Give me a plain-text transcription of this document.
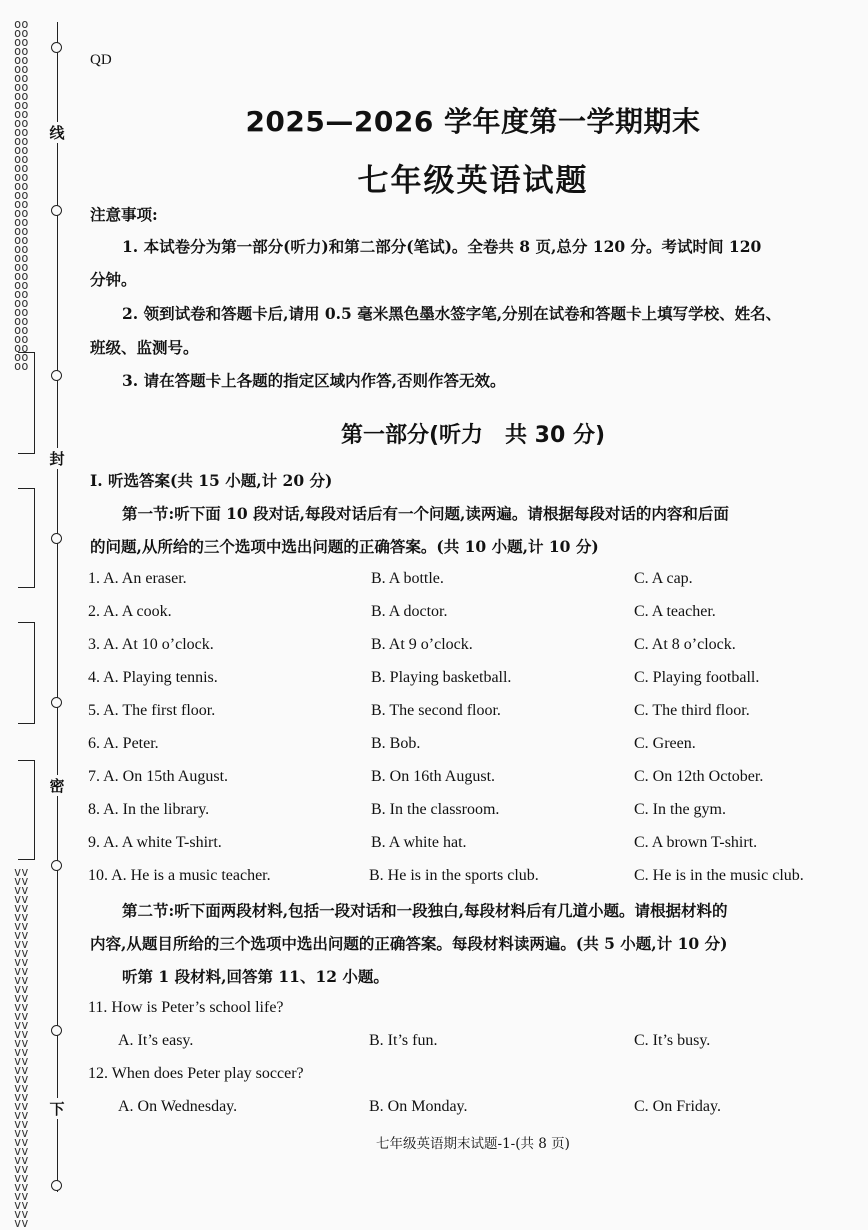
oooooooooooooooooooooooooooooooooooooooooooooooooooooooooooooooooooooooooooooo
vvvvvvvvvvvvvvvvvvvvvvvvvvvvvvvvvvvvvvvvvvvvvvvvvvvvvvvvvvvvvvvvvvvvvvvvvvvvvvvv
线
封
密
下
QD
2025—2026 学年度第一学期期末
七年级英语试题
注意事项:
1. 本试卷分为第一部分(听力)和第二部分(笔试)。全卷共 8 页,总分 120 分。考试时间 120
分钟。
2. 领到试卷和答题卡后,请用 0.5 毫米黑色墨水签字笔,分别在试卷和答题卡上填写学校、姓名、
班级、监测号。
3. 请在答题卡上各题的指定区域内作答,否则作答无效。
第一部分(听力　共 30 分)
Ⅰ. 听选答案(共 15 小题,计 20 分)
第一节:听下面 10 段对话,每段对话后有一个问题,读两遍。请根据每段对话的内容和后面
的问题,从所给的三个选项中选出问题的正确答案。(共 10 小题,计 10 分)
1. A. An eraser.	B. A bottle.	C. A cap.
2. A. A cook.	B. A doctor.	C. A teacher.
3. A. At 10 o’clock.	B. At 9 o’clock.	C. At 8 o’clock.
4. A. Playing tennis.	B. Playing basketball.	C. Playing football.
5. A. The first floor.	B. The second floor.	C. The third floor.
6. A. Peter.	B. Bob.	C. Green.
7. A. On 15th August.	B. On 16th August.	C. On 12th October.
8. A. In the library.	B. In the classroom.	C. In the gym.
9. A. A white T-shirt.	B. A white hat.	C. A brown T-shirt.
10. A. He is a music teacher.	B. He is in the sports club.	C. He is in the music club.
第二节:听下面两段材料,包括一段对话和一段独白,每段材料后有几道小题。请根据材料的
内容,从题目所给的三个选项中选出问题的正确答案。每段材料读两遍。(共 5 小题,计 10 分)
听第 1 段材料,回答第 11、12 小题。
11. How is Peter’s school life?
A. It’s easy.	B. It’s fun.	C. It’s busy.
12. When does Peter play soccer?
A. On Wednesday.	B. On Monday.	C. On Friday.
七年级英语期末试题-1-(共 8 页)
